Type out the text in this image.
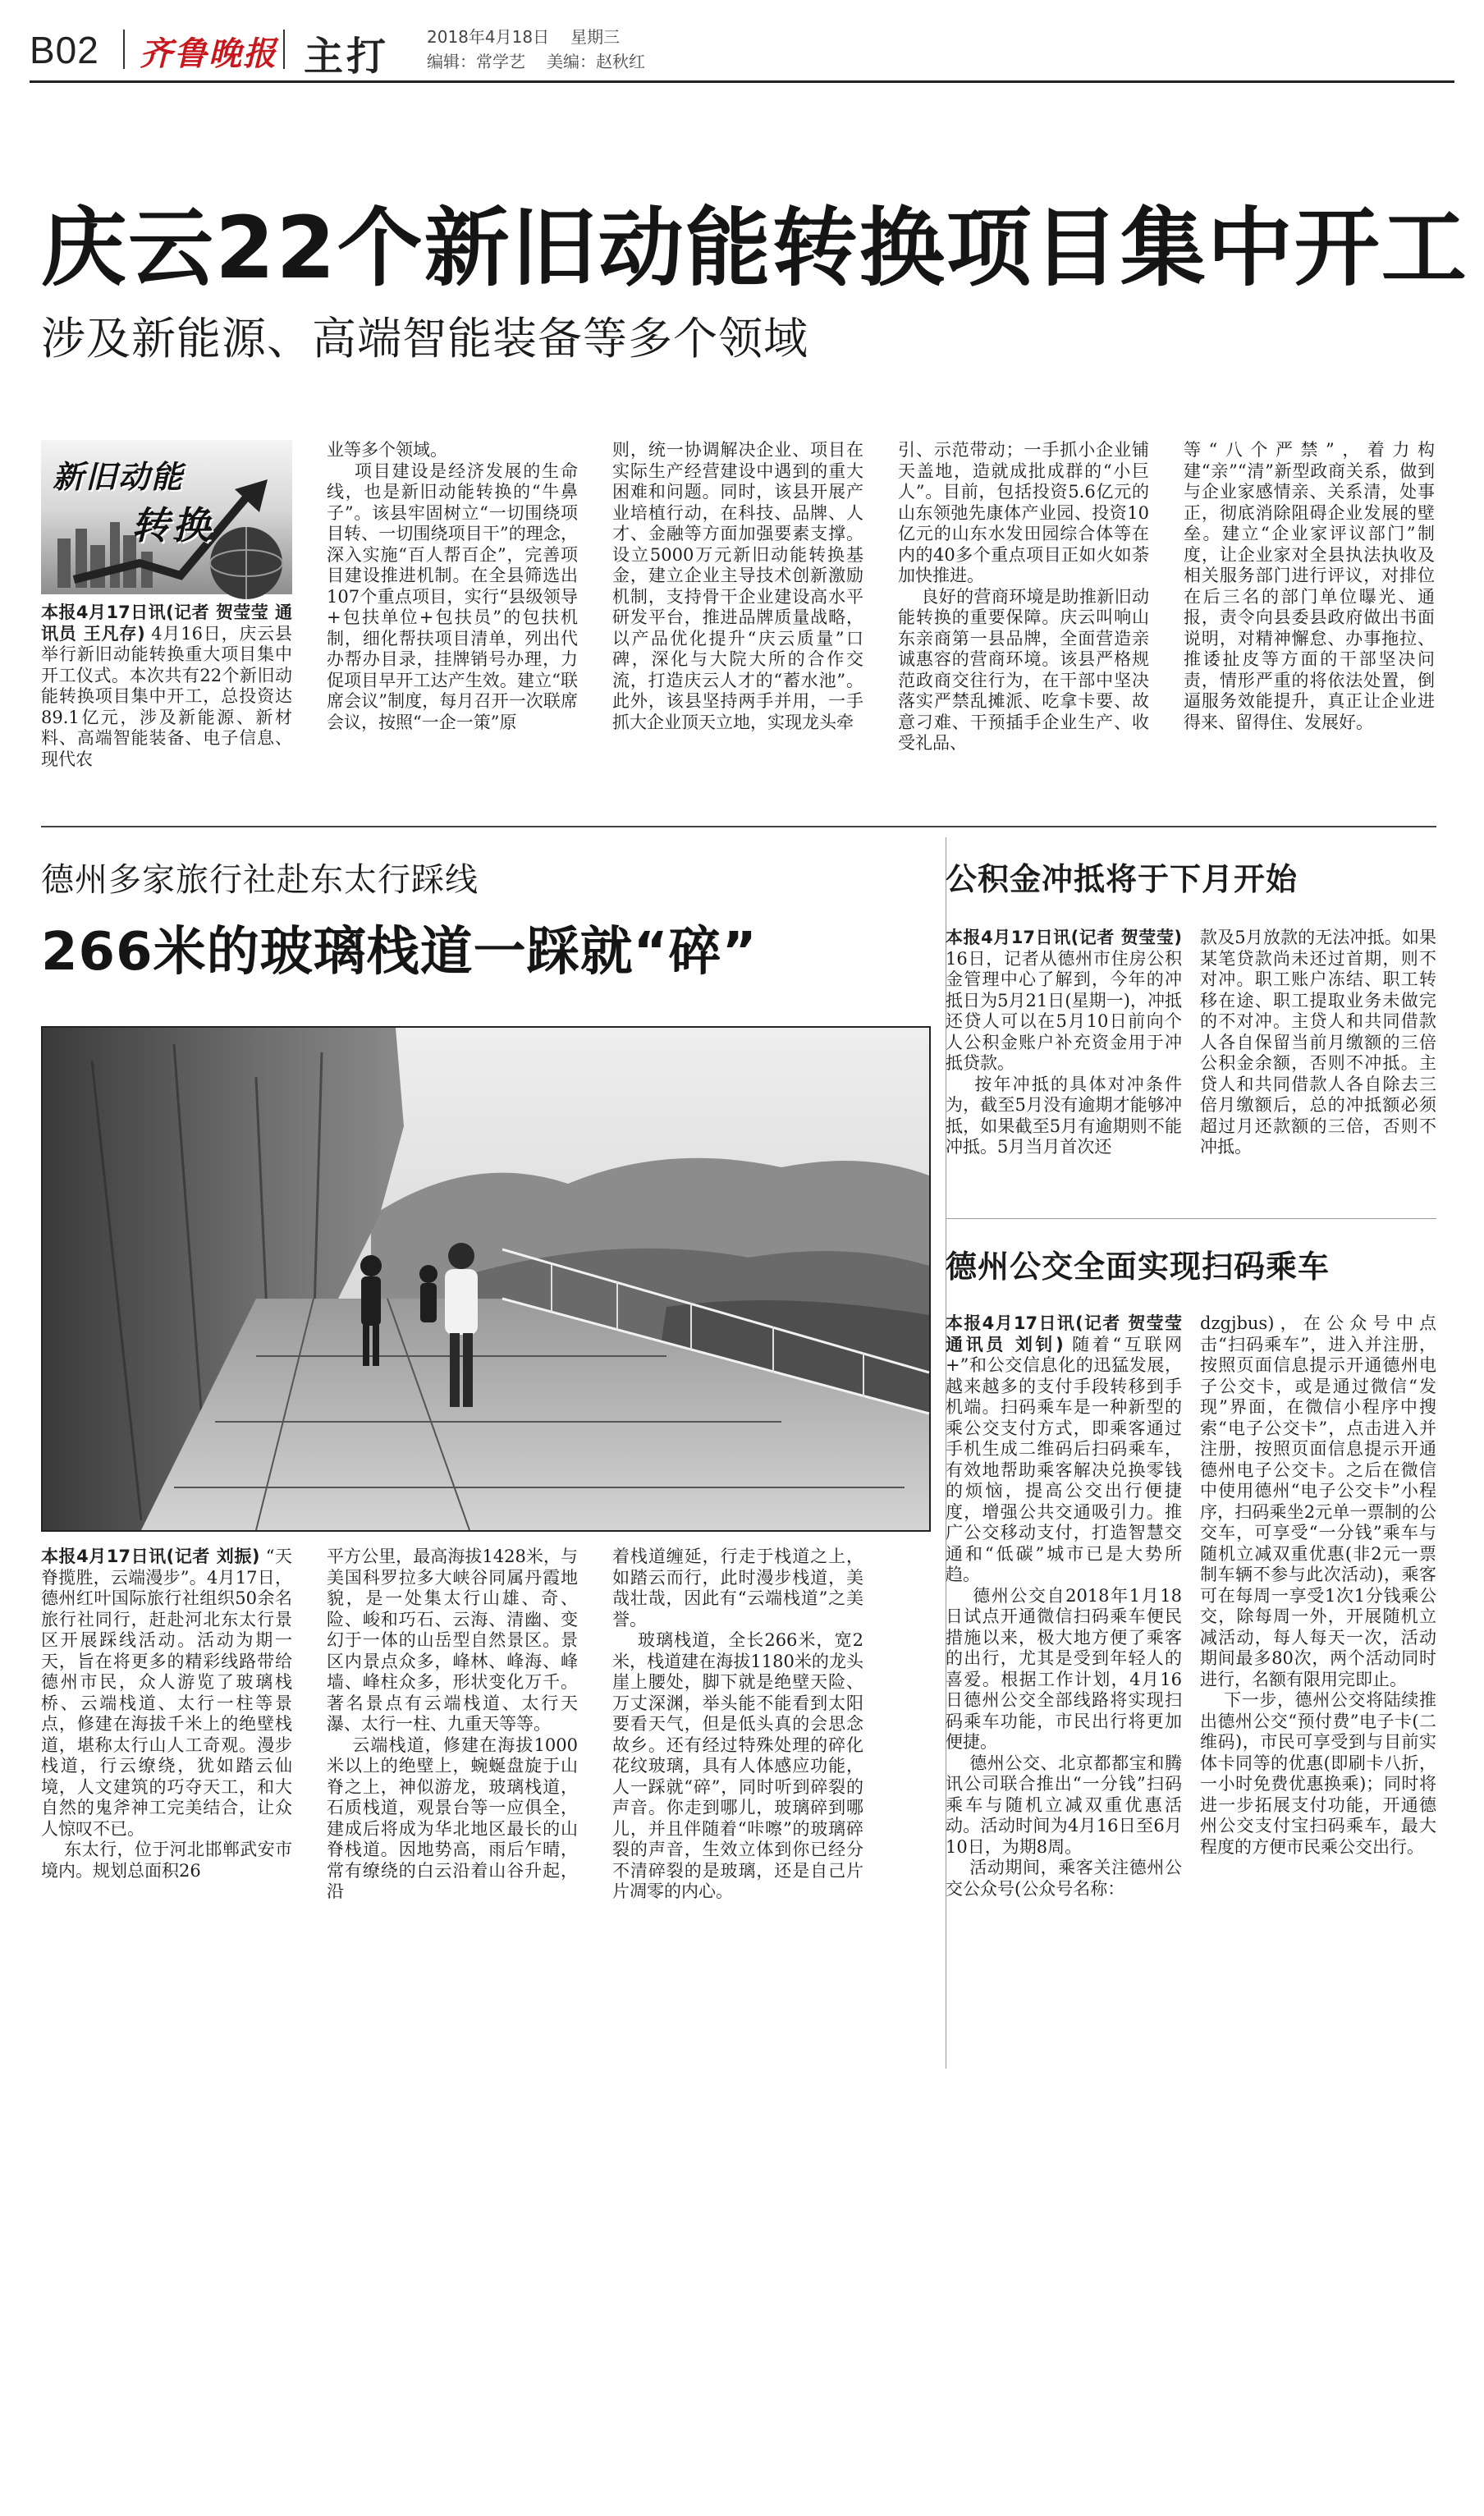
B02 齐鲁晚报 主打 2018年4月18日 星期三
编辑：常学艺 美编：赵秋红
庆云22个新旧动能转换项目集中开工
涉及新能源、高端智能装备等多个领域
新旧动能
转换
本报4月17日讯(记者 贺莹莹 通讯员 王凡存) 4月16日，庆云县举行新旧动能转换重大项目集中开工仪式。本次共有22个新旧动能转换项目集中开工，总投资达89.1亿元，涉及新能源、新材料、高端智能装备、电子信息、现代农
业等多个领域。
项目建设是经济发展的生命线，也是新旧动能转换的“牛鼻子”。该县牢固树立“一切围绕项目转、一切围绕项目干”的理念，深入实施“百人帮百企”，完善项目建设推进机制。在全县筛选出107个重点项目，实行“县级领导+包扶单位+包扶员”的包扶机制，细化帮扶项目清单，列出代办帮办目录，挂牌销号办理，力促项目早开工达产生效。建立“联席会议”制度，每月召开一次联席会议，按照“一企一策”原
则，统一协调解决企业、项目在实际生产经营建设中遇到的重大困难和问题。同时，该县开展产业培植行动，在科技、品牌、人才、金融等方面加强要素支撑。设立5000万元新旧动能转换基金，建立企业主导技术创新激励机制，支持骨干企业建设高水平研发平台，推进品牌质量战略，以产品优化提升“庆云质量”口碑，深化与大院大所的合作交流，打造庆云人才的“蓄水池”。此外，该县坚持两手并用，一手抓大企业顶天立地，实现龙头牵
引、示范带动；一手抓小企业铺天盖地，造就成批成群的“小巨人”。目前，包括投资5.6亿元的山东领弛先康体产业园、投资10亿元的山东水发田园综合体等在内的40多个重点项目正如火如荼加快推进。
良好的营商环境是助推新旧动能转换的重要保障。庆云叫响山东亲商第一县品牌，全面营造亲诚惠容的营商环境。该县严格规范政商交往行为，在干部中坚决落实严禁乱摊派、吃拿卡要、故意刁难、干预插手企业生产、收受礼品、
等“八个严禁”，着力构建“亲”“清”新型政商关系，做到与企业家感情亲、关系清，处事正，彻底消除阻碍企业发展的壁垒。建立“企业家评议部门”制度，让企业家对全县执法执收及相关服务部门进行评议，对排位在后三名的部门单位曝光、通报，责令向县委县政府做出书面说明，对精神懈怠、办事拖拉、推诿扯皮等方面的干部坚决问责，情形严重的将依法处置，倒逼服务效能提升，真正让企业进得来、留得住、发展好。
德州多家旅行社赴东太行踩线
266米的玻璃栈道一踩就“碎”
本报4月17日讯(记者 刘振) “天脊揽胜，云端漫步”。4月17日，德州红叶国际旅行社组织50余名旅行社同行，赶赴河北东太行景区开展踩线活动。活动为期一天，旨在将更多的精彩线路带给德州市民，众人游览了玻璃栈桥、云端栈道、太行一柱等景点，修建在海拔千米上的绝壁栈道，堪称太行山人工奇观。漫步栈道，行云缭绕，犹如踏云仙境，人文建筑的巧夺天工，和大自然的鬼斧神工完美结合，让众人惊叹不已。
东太行，位于河北邯郸武安市境内。规划总面积26
平方公里，最高海拔1428米，与美国科罗拉多大峡谷同属丹霞地貌，是一处集太行山雄、奇、险、峻和巧石、云海、清幽、变幻于一体的山岳型自然景区。景区内景点众多，峰林、峰海、峰墙、峰柱众多，形状变化万千。著名景点有云端栈道、太行天瀑、太行一柱、九重天等等。
云端栈道，修建在海拔1000米以上的绝壁上，蜿蜒盘旋于山脊之上，神似游龙，玻璃栈道，石质栈道，观景台等一应俱全，建成后将成为华北地区最长的山脊栈道。因地势高，雨后乍晴，常有缭绕的白云沿着山谷升起，沿
着栈道缠延，行走于栈道之上，如踏云而行，此时漫步栈道，美哉壮哉，因此有“云端栈道”之美誉。
玻璃栈道，全长266米，宽2米，栈道建在海拔1180米的龙头崖上腰处，脚下就是绝壁天险、万丈深渊，举头能不能看到太阳要看天气，但是低头真的会思念故乡。还有经过特殊处理的碎化花纹玻璃，具有人体感应功能，人一踩就“碎”，同时听到碎裂的声音。你走到哪儿，玻璃碎到哪儿，并且伴随着“咔嚓”的玻璃碎裂的声音，生效立体到你已经分不清碎裂的是玻璃，还是自己片片凋零的内心。
公积金冲抵将于下月开始
本报4月17日讯(记者 贺莹莹) 16日，记者从德州市住房公积金管理中心了解到，今年的冲抵日为5月21日(星期一)，冲抵还贷人可以在5月10日前向个人公积金账户补充资金用于冲抵贷款。
按年冲抵的具体对冲条件为，截至5月没有逾期才能够冲抵，如果截至5月有逾期则不能冲抵。5月当月首次还
款及5月放款的无法冲抵。如果某笔贷款尚未还过首期，则不对冲。职工账户冻结、职工转移在途、职工提取业务未做完的不对冲。主贷人和共同借款人各自保留当前月缴额的三倍公积金余额，否则不冲抵。主贷人和共同借款人各自除去三倍月缴额后，总的冲抵额必须超过月还款额的三倍，否则不冲抵。
德州公交全面实现扫码乘车
本报4月17日讯(记者 贺莹莹 通讯员 刘钊) 随着“互联网+”和公交信息化的迅猛发展，越来越多的支付手段转移到手机端。扫码乘车是一种新型的乘公交支付方式，即乘客通过手机生成二维码后扫码乘车，有效地帮助乘客解决兑换零钱的烦恼，提高公交出行便捷度，增强公共交通吸引力。推广公交移动支付，打造智慧交通和“低碳”城市已是大势所趋。
德州公交自2018年1月18日试点开通微信扫码乘车便民措施以来，极大地方便了乘客的出行，尤其是受到年轻人的喜爱。根据工作计划，4月16日德州公交全部线路将实现扫码乘车功能，市民出行将更加便捷。
德州公交、北京都都宝和腾讯公司联合推出“一分钱”扫码乘车与随机立减双重优惠活动。活动时间为4月16日至6月10日，为期8周。
活动期间，乘客关注德州公交公众号(公众号名称：
dzgjbus)，在公众号中点击“扫码乘车”，进入并注册，按照页面信息提示开通德州电子公交卡，或是通过微信“发现”界面，在微信小程序中搜索“电子公交卡”，点击进入并注册，按照页面信息提示开通德州电子公交卡。之后在微信中使用德州“电子公交卡”小程序，扫码乘坐2元单一票制的公交车，可享受“一分钱”乘车与随机立减双重优惠(非2元一票制车辆不参与此次活动)，乘客可在每周一享受1次1分钱乘公交，除每周一外，开展随机立减活动，每人每天一次，活动期间最多80次，两个活动同时进行，名额有限用完即止。
下一步，德州公交将陆续推出德州公交“预付费”电子卡(二维码)，市民可享受到与目前实体卡同等的优惠(即刷卡八折，一小时免费优惠换乘)；同时将进一步拓展支付功能，开通德州公交支付宝扫码乘车，最大程度的方便市民乘公交出行。
